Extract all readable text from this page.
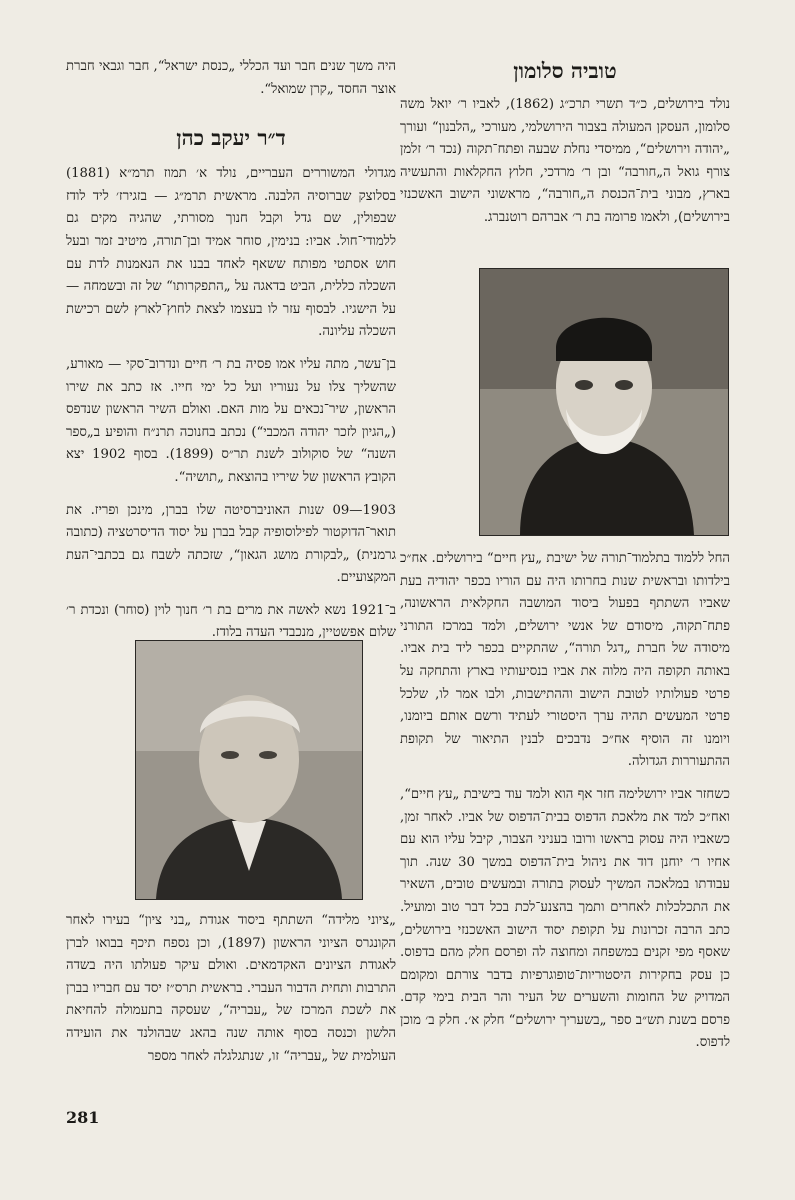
טוביה סלומון

נולד בירושלים, כ״ד תשרי תרכ״ג (1862), לאביו ר׳ יואל משה סלומון, העסקן המעולה בצבור הירושלמי, מעורכי „הלבנון“ ועורך „יהודה וירושלים“, ממיסדי נחלת שבעה ופתח־תקוה (נכד ר׳ זלמן צורף גואל ה„חורבה“ ובן ר׳ מרדכי, חלוץ החקלאות והתעשיה בארץ, מבוני בית־הכנסת ה„חורבה“, מראשוני הישוב האשכנזי בירושלים), ולאמו פרומה בת ר׳ אברהם רוטנברג.

החל ללמוד בתלמוד־תורה של ישיבת „עץ חיים“ בירושלים. אח״כ בילדותו ובראשית שנות בחרותו היה עם הוריו בכפר יהודיה בעת שאביו השתתף בפעול ביסוד המושבה החקלאית הראשונה, פתח־תקוה, מיסודם של אנשי ירושלים, ולמד במרכז התורני מיסודה של חברת „דגל תורה“, שהתקיים בכפר ליד בית אביו. באותה תקופה היה מלוה את אביו בנסיעותיו בארץ והתחקה על פרטי פעולותיו לטובת הישוב וההתישבות, ולבו אמר לו, שלכל פרטי המעשים תהיה ערך היסטורי לעתיד ורשם אותם ביומנו, ויומנו זה הוסיף אח״כ נדבכים לבנין התיאור של תקופת ההתעוררות הגדולה.

כשחזר אביו ירושלימה חזר אף הוא ולמד עוד בישיבת „עץ חיים“, ואח״כ למד את מלאכת הדפוס בבית־הדפוס של אביו. לאחר זמן, כשאביו היה עסוק בראשו ורובו בעניני הצבור, קיבל עליו הוא עם אחיו ר׳ יוחנן דוד את ניהול בית־הדפוס במשך 30 שנה. תוך עבודתו במלאכה המשיך לעסוק בתורה ובמעשים טובים, השאיר את התכלכלות לאחרים ותמך בהצנע־לכת בכל דבר טוב ומועיל. כתב הרבה זכרונות על תקופת יסוד הישוב האשכנזי בירושלים, שאסף מפי זקנים במשפחה ומחוצה לה ופרסם חלק מהם בדפוס. כן עסק בחקירות היסטוריות־טופוגרפיות בדבר צורתם ומקומם המדויק של החומות והשערים של העיר והר הבית בימי קדם. פרסם בשנת תש״ב ספר „בשעריך ירושלים“ חלק א׳. חלק ב׳ מוכן לדפוס.

היה משך שנים חבר ועד הכללי „כנסת ישראל“, חבר וגבאי חברת אוצר החסד „קרן שמואל“.

ד״ר יעקב כהן

מגדולי המשוררים העבריים, נולד א׳ תמוז תרמ״א (1881) בסלוצק שברוסיה הלבנה. מראשית תרמ״ג — בזגירז׳ ליד לודז שבפולין, שם גדל וקבל חנוך מסורתי, שהגיה מקים גם ללמודי־חול. אביו: בנימין, סוחר אמיד ובן־תורה, מיטיב זמר ובעל חוש אסתטי מפותח ששאף לאחד בבנו את הנאמנות לדת עם השכלה כללית, הביט בדאגה על „התפקרותו“ של זה ובשמחה — על הישגיו. לבסוף עזר לו בעצמו לצאת לחוץ־לארץ לשם רכישת השכלה עליונה.

בן־עשר, מתה עליו אמו פסיה בת ר׳ חיים ונדרוב־סקי — מאורע, שהשליך צלו על נעוריו ועל כל ימי חייו. אז כתב את שירו הראשון, שיר־נכאים על מות האם. ואולם השיר הראשון שנדפס („הגיון לזכר יהודה המכבי“) נכתב בחנוכה תרנ״ח והופיע ב„ספר השנה“ של סוקולוב לשנת תר״ס (1899). בסוף 1902 יצא הקובץ הראשון של שיריו בהוצאת „תושיה“.

1903—09 שנות האוניברסיטה שלו בברן, מינכן ופריז. את תואר־הדוקטור לפילוסופיה קבל בברן על יסוד הדיסרטציה (כתובה גרמנית) „לבקורת מושג הגאון“, שזכתה לשבח גם בכתבי־העת המקצועיים.

ב־1921 נשא לאשה את מרים בת ר׳ חנוך לוין (סוחר) ונכדת ר׳ שלום אפשטיין, מנכבדי העדה בלודז.

„ציוני מלידה“ השתתף ביסוד אגודת „בני ציון“ בעירו לאחר הקונגרס הציוני הראשון (1897), וכן נספח תיכף בבואו לברן לאגודת הציונים האקדמאים. ואולם עיקר פעולתו היה בשדה התרבות ותחית הדבור העברי. בראשית תרס״ז יסד עם חבריו בברן את לשכת המרכז של „עבריה“, שעסקה בתעמולה להחיאת הלשון וכנסה בסוף אותה שנה בהאג שבהולנד את הועידה העולמית של „עבריה“ זו, שנתגלגלה לאחר מספר

281
